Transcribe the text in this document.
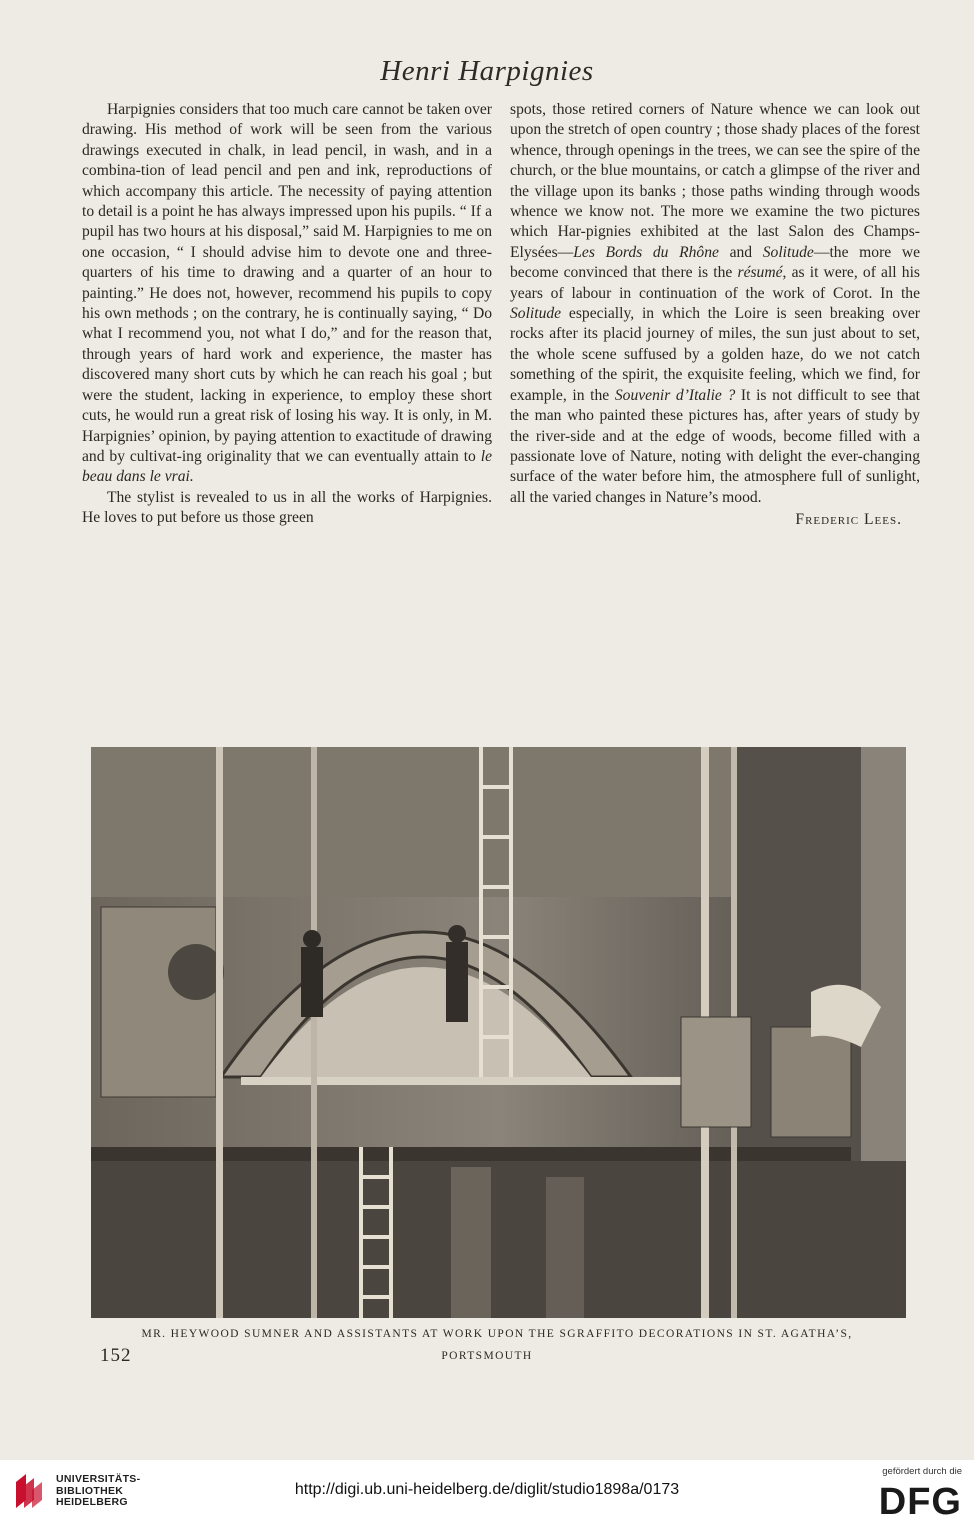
Henri Harpignies

Harpignies considers that too much care cannot be taken over drawing. His method of work will be seen from the various drawings executed in chalk, in lead pencil, in wash, and in a combina-tion of lead pencil and pen and ink, reproductions of which accompany this article. The necessity of paying attention to detail is a point he has always impressed upon his pupils. “ If a pupil has two hours at his disposal,” said M. Harpignies to me on one occasion, “ I should advise him to devote one and three-quarters of his time to drawing and a quarter of an hour to painting.” He does not, however, recommend his pupils to copy his own methods ; on the contrary, he is continually saying, “ Do what I recommend you, not what I do,” and for the reason that, through years of hard work and experience, the master has discovered many short cuts by which he can reach his goal ; but were the student, lacking in experience, to employ these short cuts, he would run a great risk of losing his way. It is only, in M. Harpignies’ opinion, by paying attention to exactitude of drawing and by cultivat-ing originality that we can eventually attain to le beau dans le vrai.

The stylist is revealed to us in all the works of Harpignies. He loves to put before us those green

spots, those retired corners of Nature whence we can look out upon the stretch of open country ; those shady places of the forest whence, through openings in the trees, we can see the spire of the church, or the blue mountains, or catch a glimpse of the river and the village upon its banks ; those paths winding through woods whence we know not. The more we examine the two pictures which Har-pignies exhibited at the last Salon des Champs-Elysées—Les Bords du Rhône and Solitude—the more we become convinced that there is the résumé, as it were, of all his years of labour in continuation of the work of Corot. In the Solitude especially, in which the Loire is seen breaking over rocks after its placid journey of miles, the sun just about to set, the whole scene suffused by a golden haze, do we not catch something of the spirit, the exquisite feeling, which we find, for example, in the Souvenir d’Italie ? It is not difficult to see that the man who painted these pictures has, after years of study by the river-side and at the edge of woods, become filled with a passionate love of Nature, noting with delight the ever-changing surface of the water before him, the atmosphere full of sunlight, all the varied changes in Nature’s mood.

Frederic Lees.
MR. HEYWOOD SUMNER AND ASSISTANTS AT WORK UPON THE SGRAFFITO DECORATIONS IN ST. AGATHA’S,
PORTSMOUTH
152
UNIVERSITÄTS-
BIBLIOTHEK
HEIDELBERG
http://digi.ub.uni-heidelberg.de/diglit/studio1898a/0173
gefördert durch die
DFG
